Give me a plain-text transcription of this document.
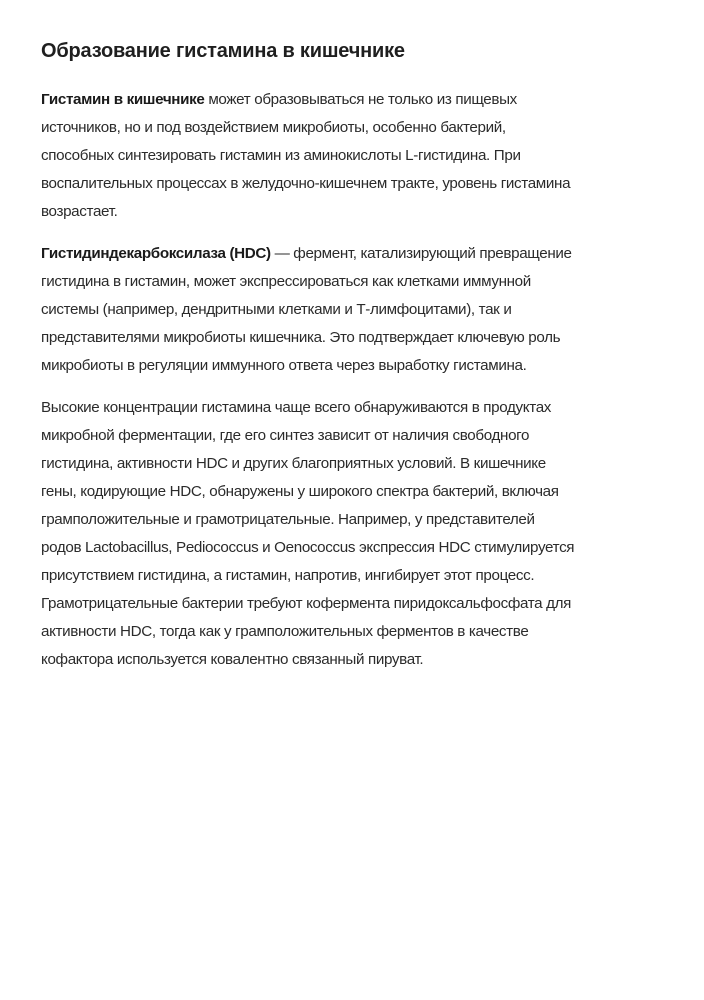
Образование гистамина в кишечнике

Гистамин в кишечнике может образовываться не только из пищевых
источников, но и под воздействием микробиоты, особенно бактерий,
способных синтезировать гистамин из аминокислоты L-гистидина. При
воспалительных процессах в желудочно-кишечнем тракте, уровень гистамина
возрастает.

Гистидиндекарбоксилаза (HDC) — фермент, катализирующий превращение
гистидина в гистамин, может экспрессироваться как клетками иммунной
системы (например, дендритными клетками и Т-лимфоцитами), так и
представителями микробиоты кишечника. Это подтверждает ключевую роль
микробиоты в регуляции иммунного ответа через выработку гистамина.

Высокие концентрации гистамина чаще всего обнаруживаются в продуктах
микробной ферментации, где его синтез зависит от наличия свободного
гистидина, активности HDC и других благоприятных условий. В кишечнике
гены, кодирующие HDC, обнаружены у широкого спектра бактерий, включая
грамположительные и грамотрицательные. Например, у представителей
родов Lactobacillus, Pediococcus и Oenococcus экспрессия HDC стимулируется
присутствием гистидина, а гистамин, напротив, ингибирует этот процесс.
Грамотрицательные бактерии требуют кофермента пиридоксальфосфата для
активности HDC, тогда как у грамположительных ферментов в качестве
кофактора используется ковалентно связанный пируват.
